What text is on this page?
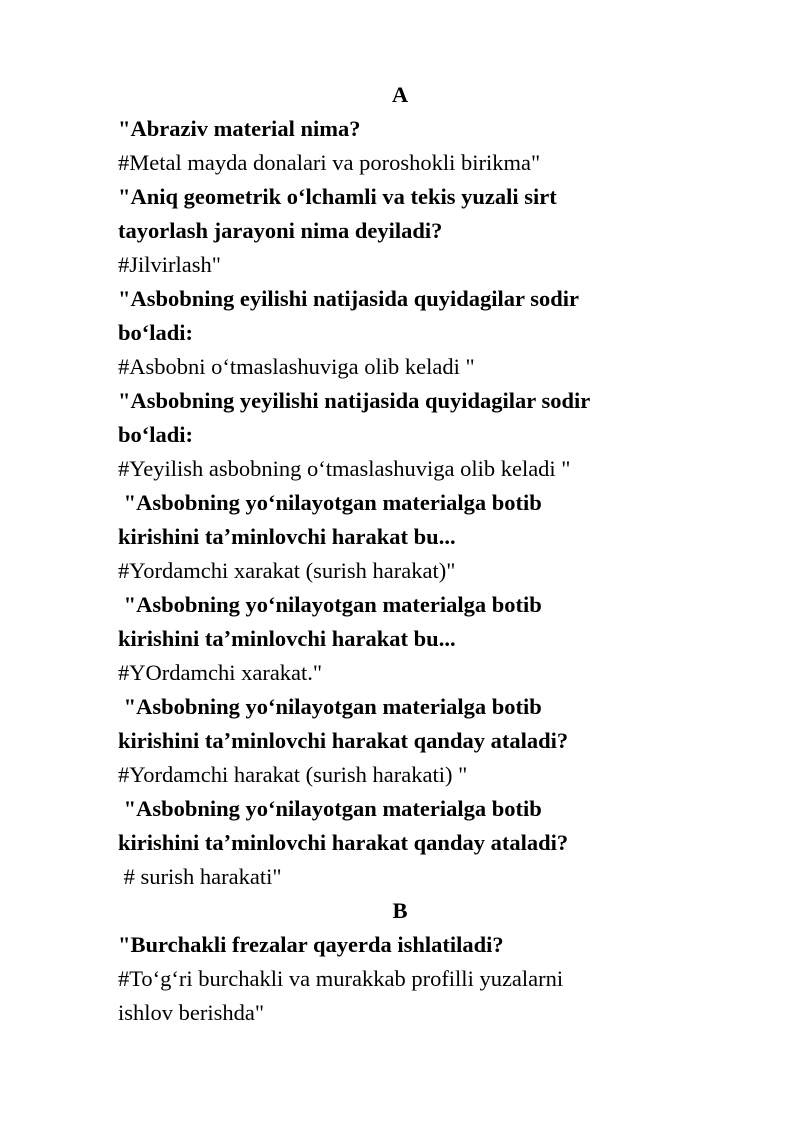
A
"Abraziv material nima?
#Metal mayda donalari va poroshokli birikma"
"Aniq geometrik oʻlchamli va tekis yuzali sirt
tayorlash jarayoni nima deyiladi?
#Jilvirlash"
"Asbobning eyilishi natijasida quyidagilar sodir
boʻladi:
#Asbobni oʻtmaslashuviga olib keladi "
"Asbobning yeyilishi natijasida quyidagilar sodir
boʻladi:
#Yeyilish asbobning oʻtmaslashuviga olib keladi "
"Asbobning yoʻnilayotgan materialga botib
kirishini taʼminlovchi harakat bu...
#Yordamchi xarakat (surish harakat)"
"Asbobning yoʻnilayotgan materialga botib
kirishini taʼminlovchi harakat bu...
#YOrdamchi xarakat."
"Asbobning yoʻnilayotgan materialga botib
kirishini taʼminlovchi harakat qanday ataladi?
#Yordamchi harakat (surish harakati) "
"Asbobning yoʻnilayotgan materialga botib
kirishini taʼminlovchi harakat qanday ataladi?
# surish harakati"
B
"Burchakli frezalar qayerda ishlatiladi?
#Toʻgʻri burchakli va murakkab profilli yuzalarni
ishlov berishda"
